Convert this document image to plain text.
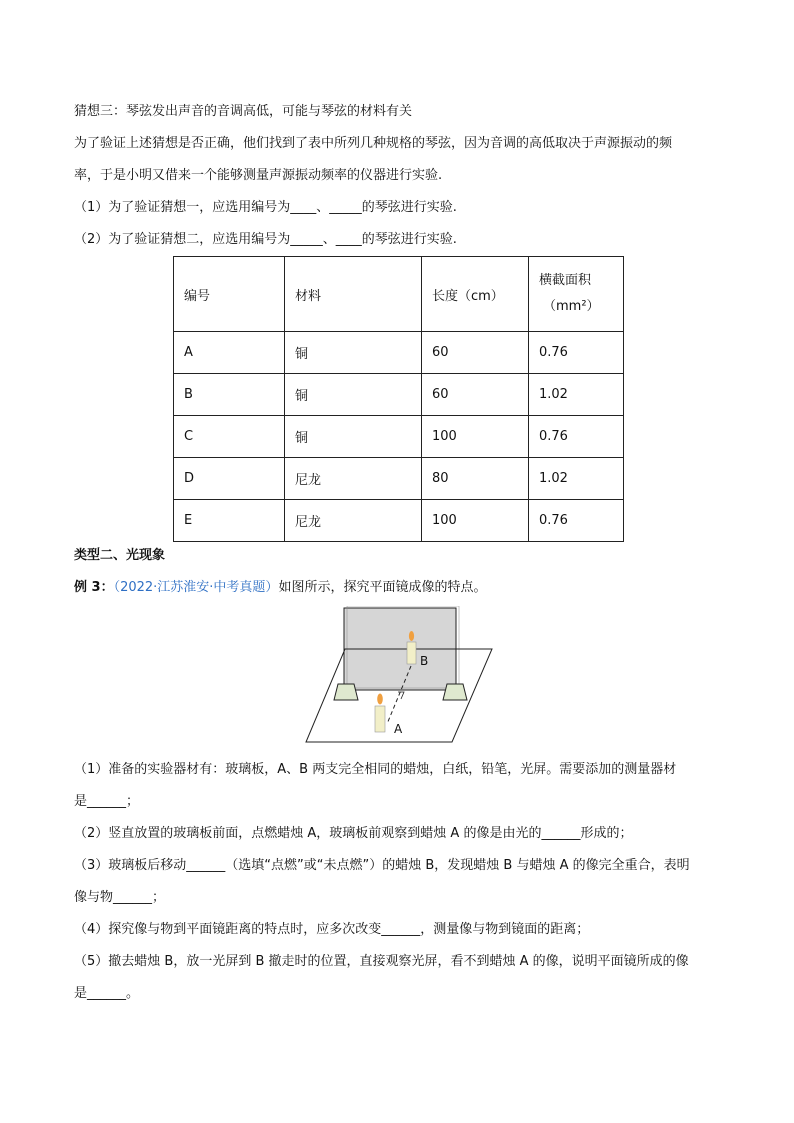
猜想三：琴弦发出声音的音调高低，可能与琴弦的材料有关
为了验证上述猜想是否正确，他们找到了表中所列几种规格的琴弦，因为音调的高低取决于声源振动的频
率，于是小明又借来一个能够测量声源振动频率的仪器进行实验.
（1）为了验证猜想一，应选用编号为____、_____的琴弦进行实验.
（2）为了验证猜想二，应选用编号为_____、____的琴弦进行实验.
编号	材料	长度（cm）	横截面积
（mm²）

A	铜	60	0.76
B	铜	60	1.02
C	铜	100	0.76
D	尼龙	80	1.02
E	尼龙	100	0.76
类型二、光现象
例 3：（2022·江苏淮安·中考真题）如图所示，探究平面镜成像的特点。
B
A
（1）准备的实验器材有：玻璃板，A、B 两支完全相同的蜡烛，白纸，铅笔，光屏。需要添加的测量器材
是______；
（2）竖直放置的玻璃板前面，点燃蜡烛 A，玻璃板前观察到蜡烛 A 的像是由光的______形成的；
（3）玻璃板后移动______（选填“点燃”或“未点燃”）的蜡烛 B，发现蜡烛 B 与蜡烛 A 的像完全重合，表明
像与物______；
（4）探究像与物到平面镜距离的特点时，应多次改变______，测量像与物到镜面的距离；
（5）撤去蜡烛 B，放一光屏到 B 撤走时的位置，直接观察光屏，看不到蜡烛 A 的像，说明平面镜所成的像
是______。
